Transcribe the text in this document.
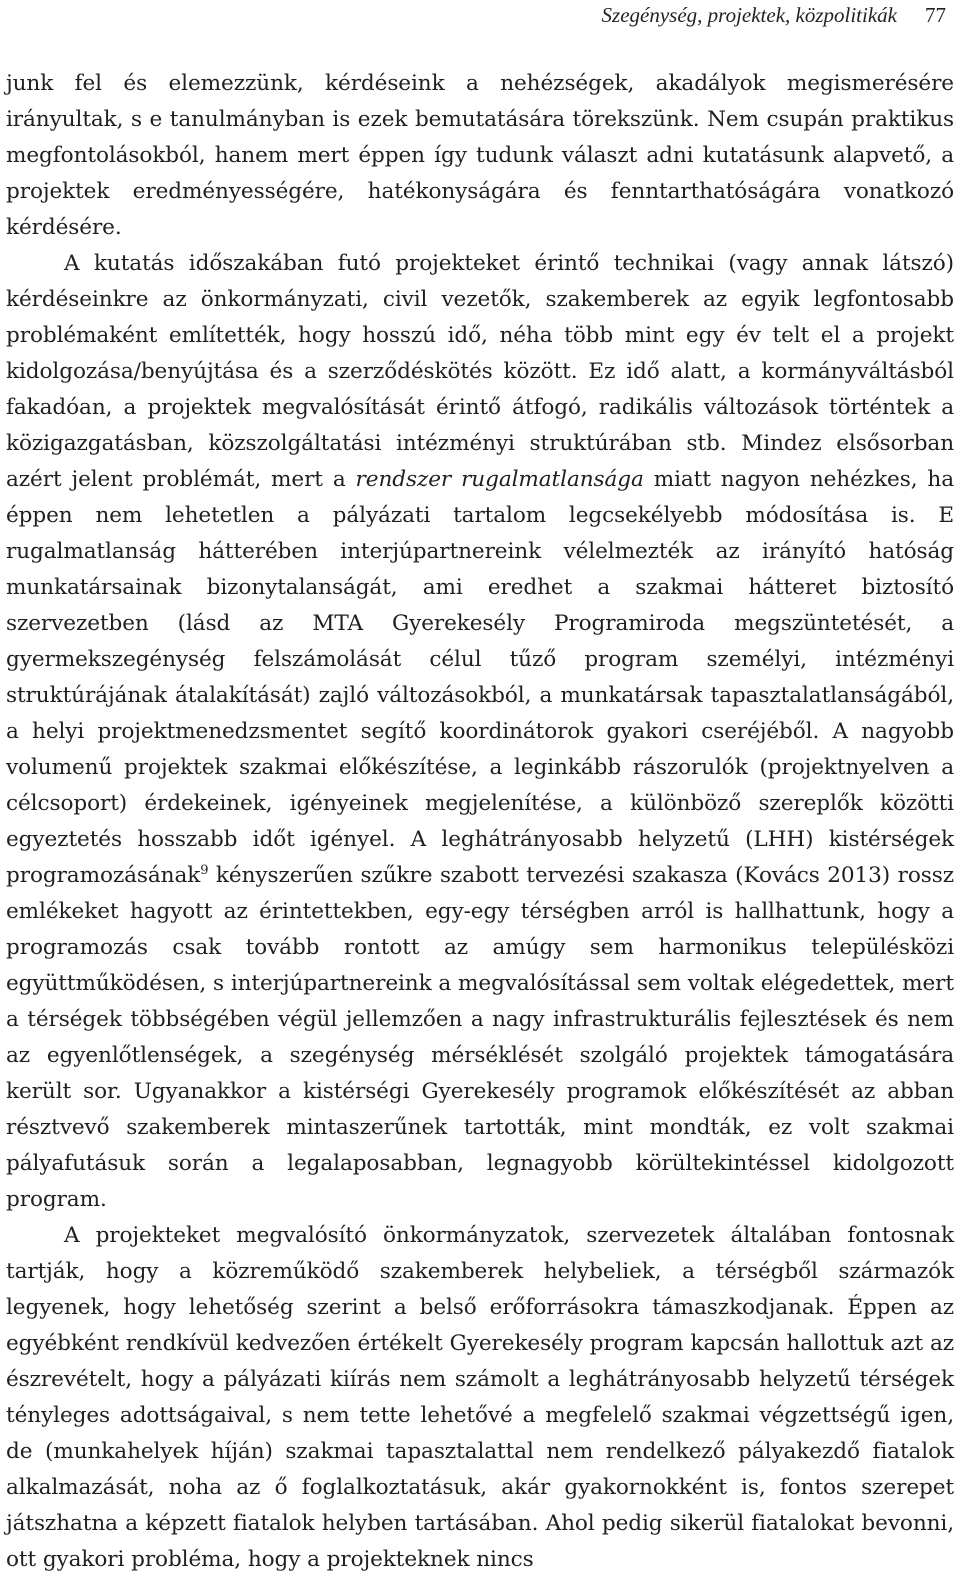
Szegénység, projektek, közpolitikák 77

junk fel és elemezzünk, kérdéseink a nehézségek, akadályok megismerésére irányultak, s e tanulmányban is ezek bemutatására törekszünk. Nem csupán praktikus megfontolásokból, hanem mert éppen így tudunk választ adni kutatásunk alapvető, a projektek eredményességére, hatékonyságára és fenntarthatóságára vonatkozó kérdésére.

A kutatás időszakában futó projekteket érintő technikai (vagy annak látszó) kérdéseinkre az önkormányzati, civil vezetők, szakemberek az egyik legfontosabb problémaként említették, hogy hosszú idő, néha több mint egy év telt el a projekt kidolgozása/benyújtása és a szerződéskötés között. Ez idő alatt, a kormányváltásból fakadóan, a projektek megvalósítását érintő átfogó, radikális változások történtek a közigazgatásban, közszolgáltatási intézményi struktúrában stb. Mindez elsősorban azért jelent problémát, mert a rendszer rugalmatlansága miatt nagyon nehézkes, ha éppen nem lehetetlen a pályázati tartalom legcsekélyebb módosítása is. E rugalmatlanság hátterében interjúpartnereink vélelmezték az irányító hatóság munkatársainak bizonytalanságát, ami eredhet a szakmai hátteret biztosító szervezetben (lásd az MTA Gyerekesély Programiroda megszüntetését, a gyermekszegénység felszámolását célul tűző program személyi, intézményi struktúrájának átalakítását) zajló változásokból, a munkatársak tapasztalatlanságából, a helyi projektmenedzsmentet segítő koordinátorok gyakori cseréjéből. A nagyobb volumenű projektek szakmai előkészítése, a leginkább rászorulók (projektnyelven a célcsoport) érdekeinek, igényeinek megjelenítése, a különböző szereplők közötti egyeztetés hosszabb időt igényel. A leghátrányosabb helyzetű (LHH) kistérségek programozásának$^9$ kényszerűen szűkre szabott tervezési szakasza (Kovács 2013) rossz emlékeket hagyott az érintettekben, egy-egy térségben arról is hallhattunk, hogy a programozás csak tovább rontott az amúgy sem harmonikus településközi együttműködésen, s interjúpartnereink a megvalósítással sem voltak elégedettek, mert a térségek többségében végül jellemzően a nagy infrastrukturális fejlesztések és nem az egyenlőtlenségek, a szegénység mérséklését szolgáló projektek támogatására került sor. Ugyanakkor a kistérségi Gyerekesély programok előkészítését az abban résztvevő szakemberek mintaszerűnek tartották, mint mondták, ez volt szakmai pályafutásuk során a legalaposabban, legnagyobb körültekintéssel kidolgozott program.

A projekteket megvalósító önkormányzatok, szervezetek általában fontosnak tartják, hogy a közreműködő szakemberek helybeliek, a térségből származók legyenek, hogy lehetőség szerint a belső erőforrásokra támaszkodjanak. Éppen az egyébként rendkívül kedvezően értékelt Gyerekesély program kapcsán hallottuk azt az észrevételt, hogy a pályázati kiírás nem számolt a leghátrányosabb helyzetű térségek tényleges adottságaival, s nem tette lehetővé a megfelelő szakmai végzettségű igen, de (munkahelyek híján) szakmai tapasztalattal nem rendelkező pályakezdő fiatalok alkalmazását, noha az ő foglalkoztatásuk, akár gyakornokként is, fontos szerepet játszhatna a képzett fiatalok helyben tartásában. Ahol pedig sikerül fiatalokat bevonni, ott gyakori probléma, hogy a projekteknek nincs
